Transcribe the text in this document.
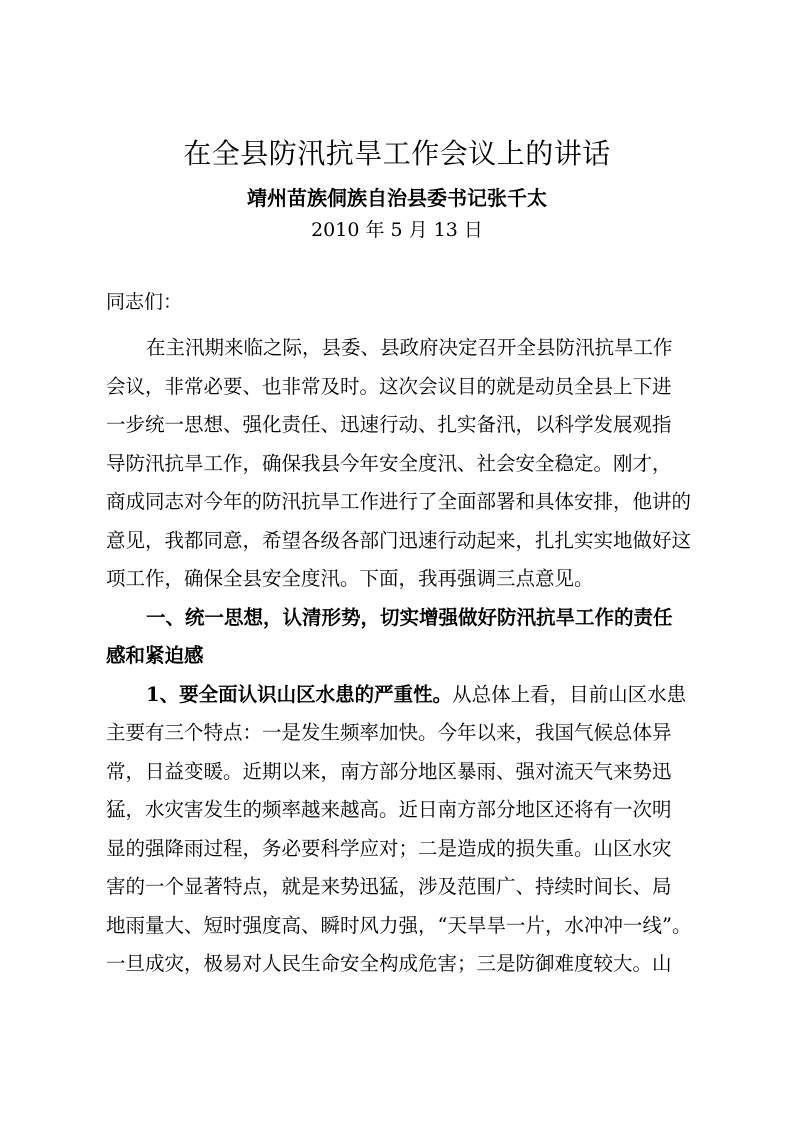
在全县防汛抗旱工作会议上的讲话
靖州苗族侗族自治县委书记张千太
2010 年 5 月 13 日
同志们：
在主汛期来临之际，县委、县政府决定召开全县防汛抗旱工作
会议，非常必要、也非常及时。这次会议目的就是动员全县上下进
一步统一思想、强化责任、迅速行动、扎实备汛，以科学发展观指
导防汛抗旱工作，确保我县今年安全度汛、社会安全稳定。刚才，
商成同志对今年的防汛抗旱工作进行了全面部署和具体安排，他讲的
意见，我都同意，希望各级各部门迅速行动起来，扎扎实实地做好这
项工作，确保全县安全度汛。下面，我再强调三点意见。
一、统一思想，认清形势，切实增强做好防汛抗旱工作的责任
感和紧迫感
1、要全面认识山区水患的严重性。从总体上看，目前山区水患
主要有三个特点：一是发生频率加快。今年以来，我国气候总体异
常，日益变暖。近期以来，南方部分地区暴雨、强对流天气来势迅
猛，水灾害发生的频率越来越高。近日南方部分地区还将有一次明
显的强降雨过程，务必要科学应对；二是造成的损失重。山区水灾
害的一个显著特点，就是来势迅猛，涉及范围广、持续时间长、局
地雨量大、短时强度高、瞬时风力强，“天旱旱一片，水冲冲一线”。
一旦成灾，极易对人民生命安全构成危害；三是防御难度较大。山
